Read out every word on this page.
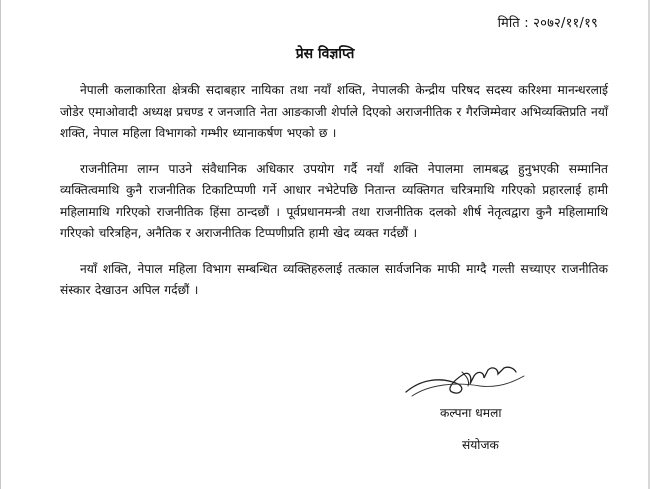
मिति : २०७२/११/१९
प्रेस विज्ञप्ति

नेपाली कलाकारिता क्षेत्रकी सदाबहार नायिका तथा नयाँ शक्ति, नेपालकी केन्द्रीय परिषद सदस्य करिश्मा मानन्धरलाई जोडेर एमाओवादी अध्यक्ष प्रचण्ड र जनजाति नेता आङकाजी शेर्पाले दिएको अराजनीतिक र गैरजिम्मेवार अभिव्यक्तिप्रति नयाँ शक्ति, नेपाल महिला विभागको गम्भीर ध्यानाकर्षण भएको छ ।

राजनीतिमा लाग्न पाउने संवैधानिक अधिकार उपयोग गर्दै नयाँ शक्ति नेपालमा लामबद्ध हुनुभएकी सम्मानित व्यक्तित्वमाथि कुनै राजनीतिक टिकाटिप्पणी गर्ने आधार नभेटेपछि नितान्त व्यक्तिगत चरित्रमाथि गरिएको प्रहारलाई हामी महिलामाथि गरिएको राजनीतिक हिंसा ठान्दछौं । पूर्वप्रधानमन्त्री तथा राजनीतिक दलको शीर्ष नेतृत्वद्वारा कुनै महिलामाथि गरिएको चरित्रहिन, अनैतिक र अराजनीतिक टिप्पणीप्रति हामी खेद व्यक्त गर्दछौं ।

नयाँ शक्ति, नेपाल महिला विभाग सम्बन्धित व्यक्तिहरुलाई तत्काल सार्वजनिक माफी माग्दै गल्ती सच्याएर राजनीतिक संस्कार देखाउन अपिल गर्दछौं ।

कल्पना धमला
संयोजक
